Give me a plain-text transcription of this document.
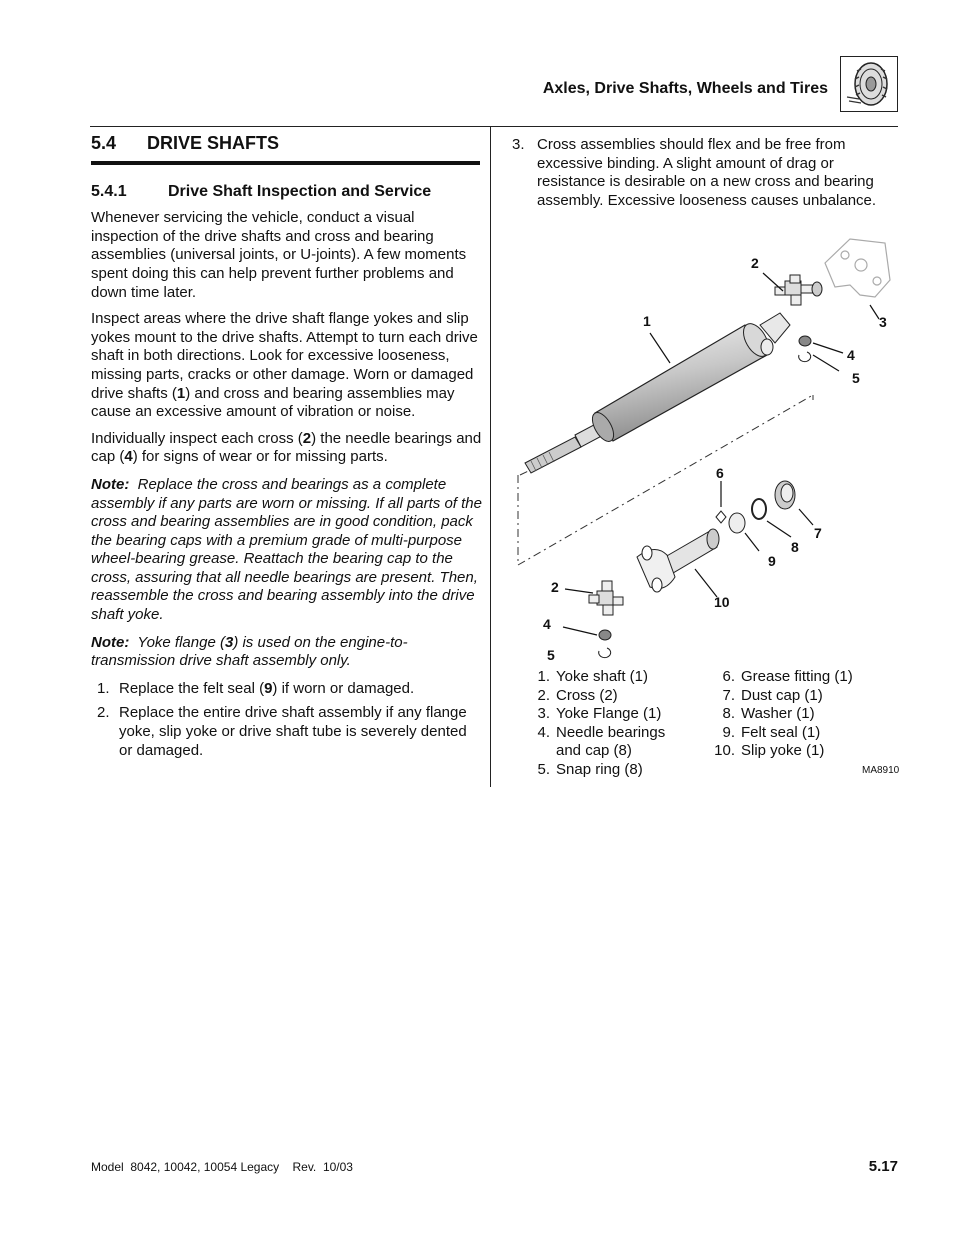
Axles, Drive Shafts, Wheels and Tires
5.4	DRIVE SHAFTS
5.4.1	Drive Shaft Inspection and Service

Whenever servicing the vehicle, conduct a visual inspection of the drive shafts and cross and bearing assemblies (universal joints, or U-joints). A few moments spent doing this can help prevent further problems and down time later.

Inspect areas where the drive shaft flange yokes and slip yokes mount to the drive shafts. Attempt to turn each drive shaft in both directions. Look for excessive looseness, missing parts, cracks or other damage. Worn or damaged drive shafts (1) and cross and bearing assemblies may cause an excessive amount of vibration or noise.

Individually inspect each cross (2) the needle bearings and cap (4) for signs of wear or for missing parts.

Note: Replace the cross and bearings as a complete assembly if any parts are worn or missing. If all parts of the cross and bearing assemblies are in good condition, pack the bearing caps with a premium grade of multi-purpose wheel-bearing grease. Reattach the bearing cap to the cross, assuring that all needle bearings are present. Then, reassemble the cross and bearing assembly into the drive shaft yoke.

Note: Yoke flange (3) is used on the engine-to-transmission drive shaft assembly only.

1. Replace the felt seal (9) if worn or damaged.
2. Replace the entire drive shaft assembly if any flange yoke, slip yoke or drive shaft tube is severely dented or damaged.
3. Cross assemblies should flex and be free from excessive binding. A slight amount of drag or resistance is desirable on a new cross and bearing assembly. Excessive looseness causes unbalance.
1
2
3
4
5
6
7
8
9
10
2
4
5
1. Yoke shaft (1)
2. Cross (2)
3. Yoke Flange (1)
4. Needle bearings and cap (8)
5. Snap ring (8)
6. Grease fitting (1)
7. Dust cap (1)
8. Washer (1)
9. Felt seal (1)
10. Slip yoke (1)
MA8910
Model  8042, 10042, 10054 Legacy    Rev.  10/03	5.17
